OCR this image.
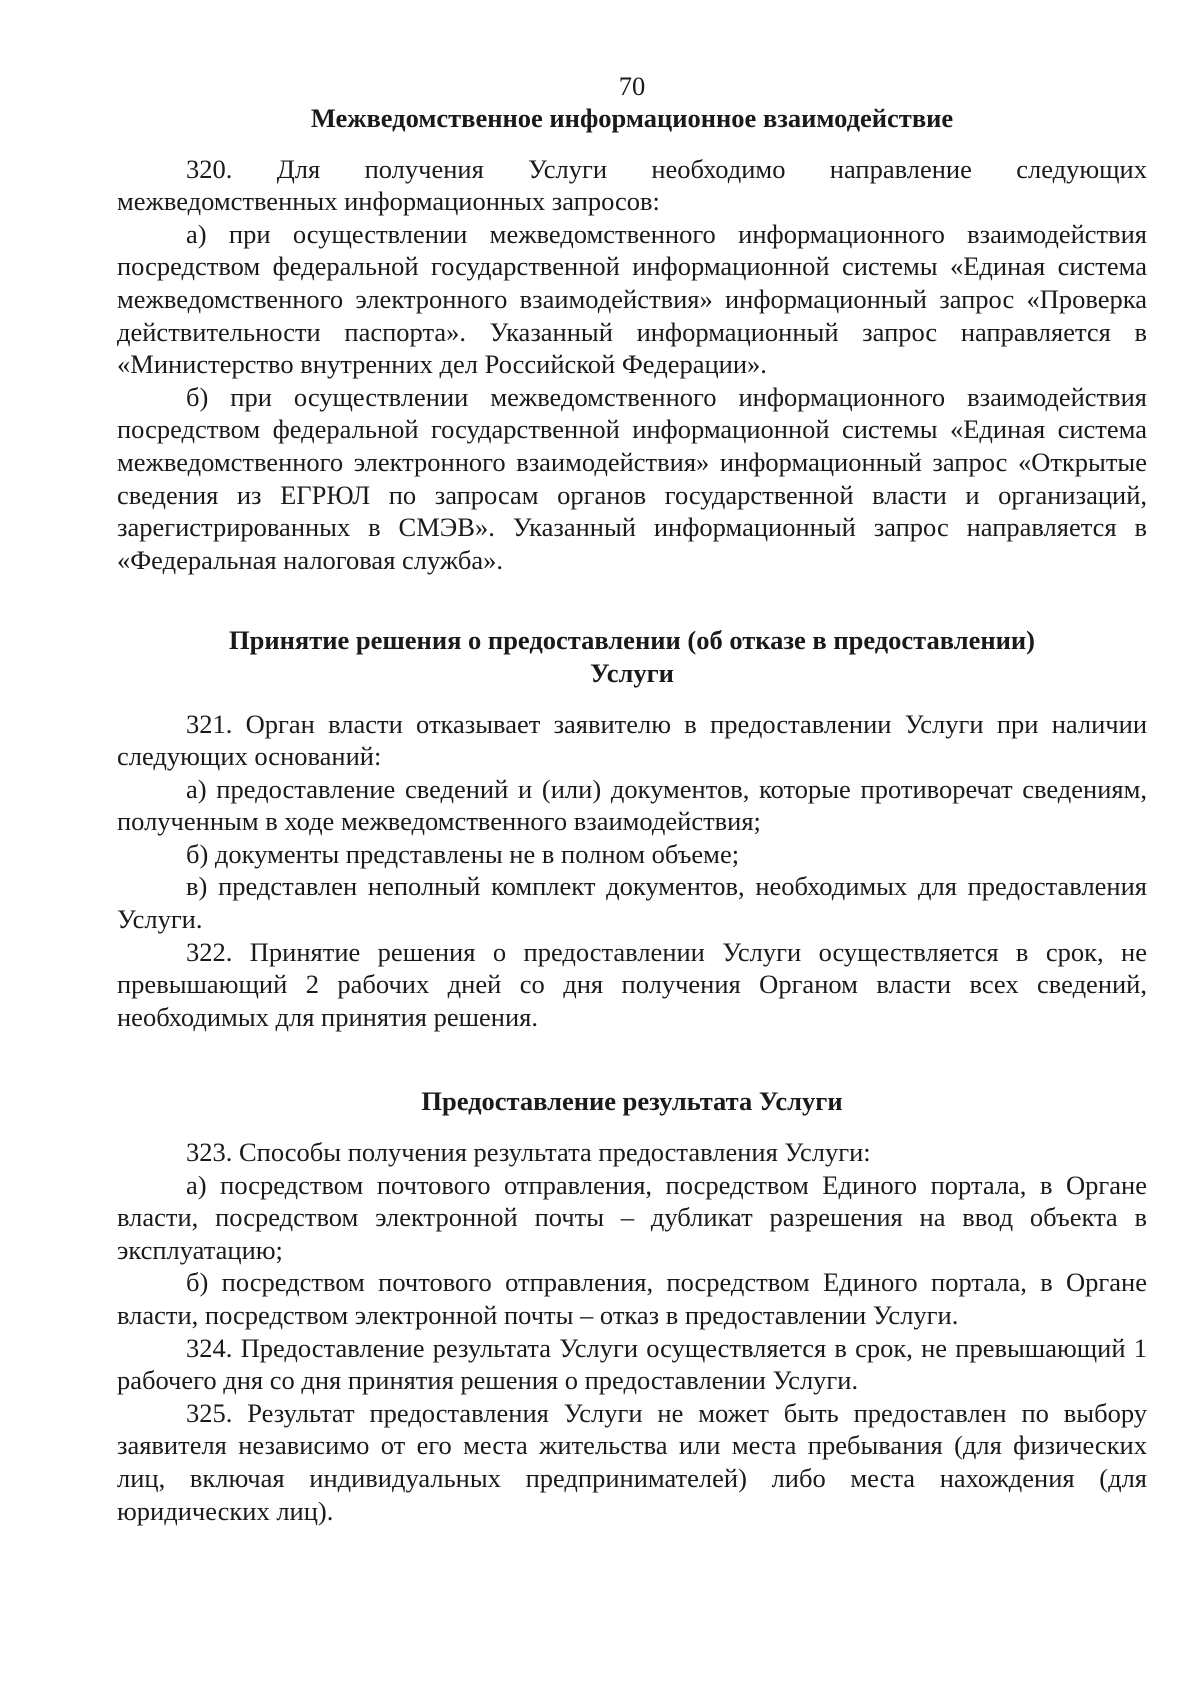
70

Межведомственное информационное взаимодействие

320. Для получения Услуги необходимо направление следующих межведомственных информационных запросов:

а) при осуществлении межведомственного информационного взаимодействия посредством федеральной государственной информационной системы «Единая система межведомственного электронного взаимодействия» информационный запрос «Проверка действительности паспорта». Указанный информационный запрос направляется в «Министерство внутренних дел Российской Федерации».

б) при осуществлении межведомственного информационного взаимодействия посредством федеральной государственной информационной системы «Единая система межведомственного электронного взаимодействия» информационный запрос «Открытые сведения из ЕГРЮЛ по запросам органов государственной власти и организаций, зарегистрированных в СМЭВ». Указанный информационный запрос направляется в «Федеральная налоговая служба».

Принятие решения о предоставлении (об отказе в предоставлении)
Услуги

321. Орган власти отказывает заявителю в предоставлении Услуги при наличии следующих оснований:

а) предоставление сведений и (или) документов, которые противоречат сведениям, полученным в ходе межведомственного взаимодействия;

б) документы представлены не в полном объеме;

в) представлен неполный комплект документов, необходимых для предоставления Услуги.

322. Принятие решения о предоставлении Услуги осуществляется в срок, не превышающий 2 рабочих дней со дня получения Органом власти всех сведений, необходимых для принятия решения.

Предоставление результата Услуги

323. Способы получения результата предоставления Услуги:

а) посредством почтового отправления, посредством Единого портала, в Органе власти, посредством электронной почты – дубликат разрешения на ввод объекта в эксплуатацию;

б) посредством почтового отправления, посредством Единого портала, в Органе власти, посредством электронной почты – отказ в предоставлении Услуги.

324. Предоставление результата Услуги осуществляется в срок, не превышающий 1 рабочего дня со дня принятия решения о предоставлении Услуги.

325. Результат предоставления Услуги не может быть предоставлен по выбору заявителя независимо от его места жительства или места пребывания (для физических лиц, включая индивидуальных предпринимателей) либо места нахождения (для юридических лиц).
